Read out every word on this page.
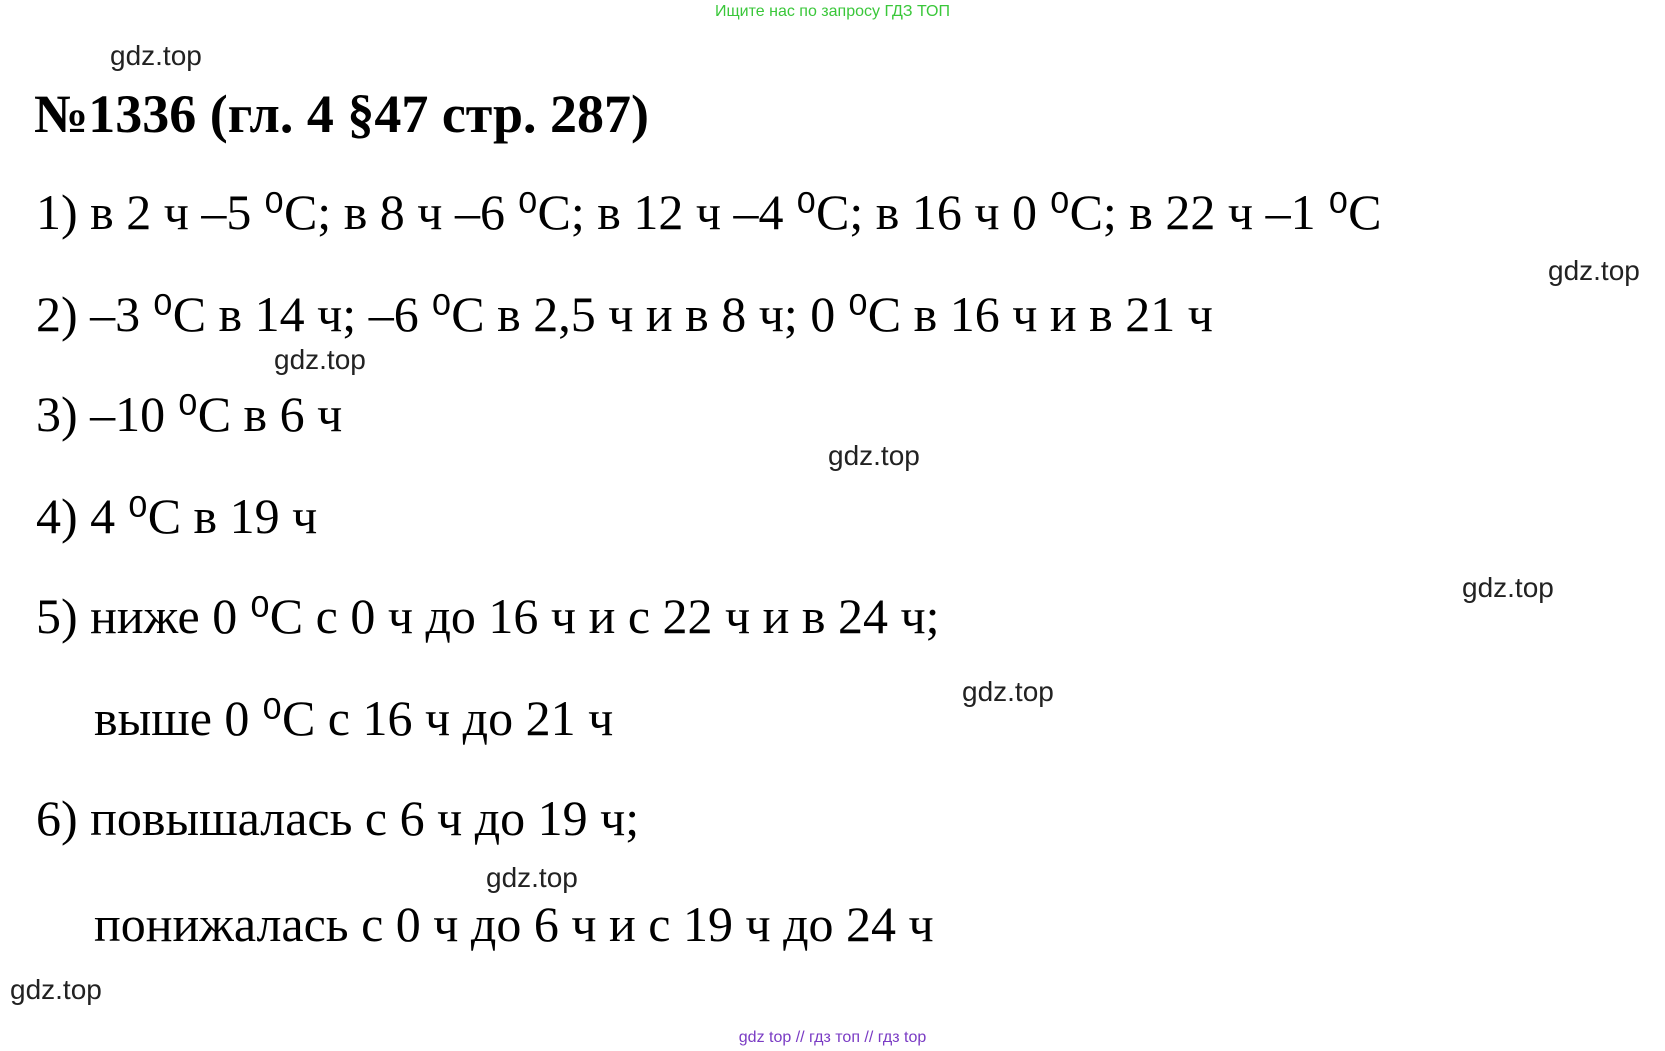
Ищите нас по запросу ГДЗ ТОП
gdz.top
№1336 (гл. 4 §47 стр. 287)
1) в 2 ч –5 ⁰С; в 8 ч –6 ⁰С; в 12 ч –4 ⁰С; в 16 ч 0 ⁰С; в 22 ч –1 ⁰С
gdz.top
2) –3 ⁰С в 14 ч; –6 ⁰С в 2,5 ч и в 8 ч; 0 ⁰С в 16 ч и в 21 ч
gdz.top
3) –10 ⁰С в 6 ч
gdz.top
4) 4 ⁰С в 19 ч
gdz.top
5) ниже 0 ⁰С с 0 ч до 16 ч и с 22 ч и в 24 ч;
gdz.top
выше 0 ⁰С с 16 ч до 21 ч
6) повышалась с 6 ч до 19 ч;
gdz.top
понижалась с 0 ч до 6 ч и с 19 ч до 24 ч
gdz.top
gdz top // гдз топ // гдз top
